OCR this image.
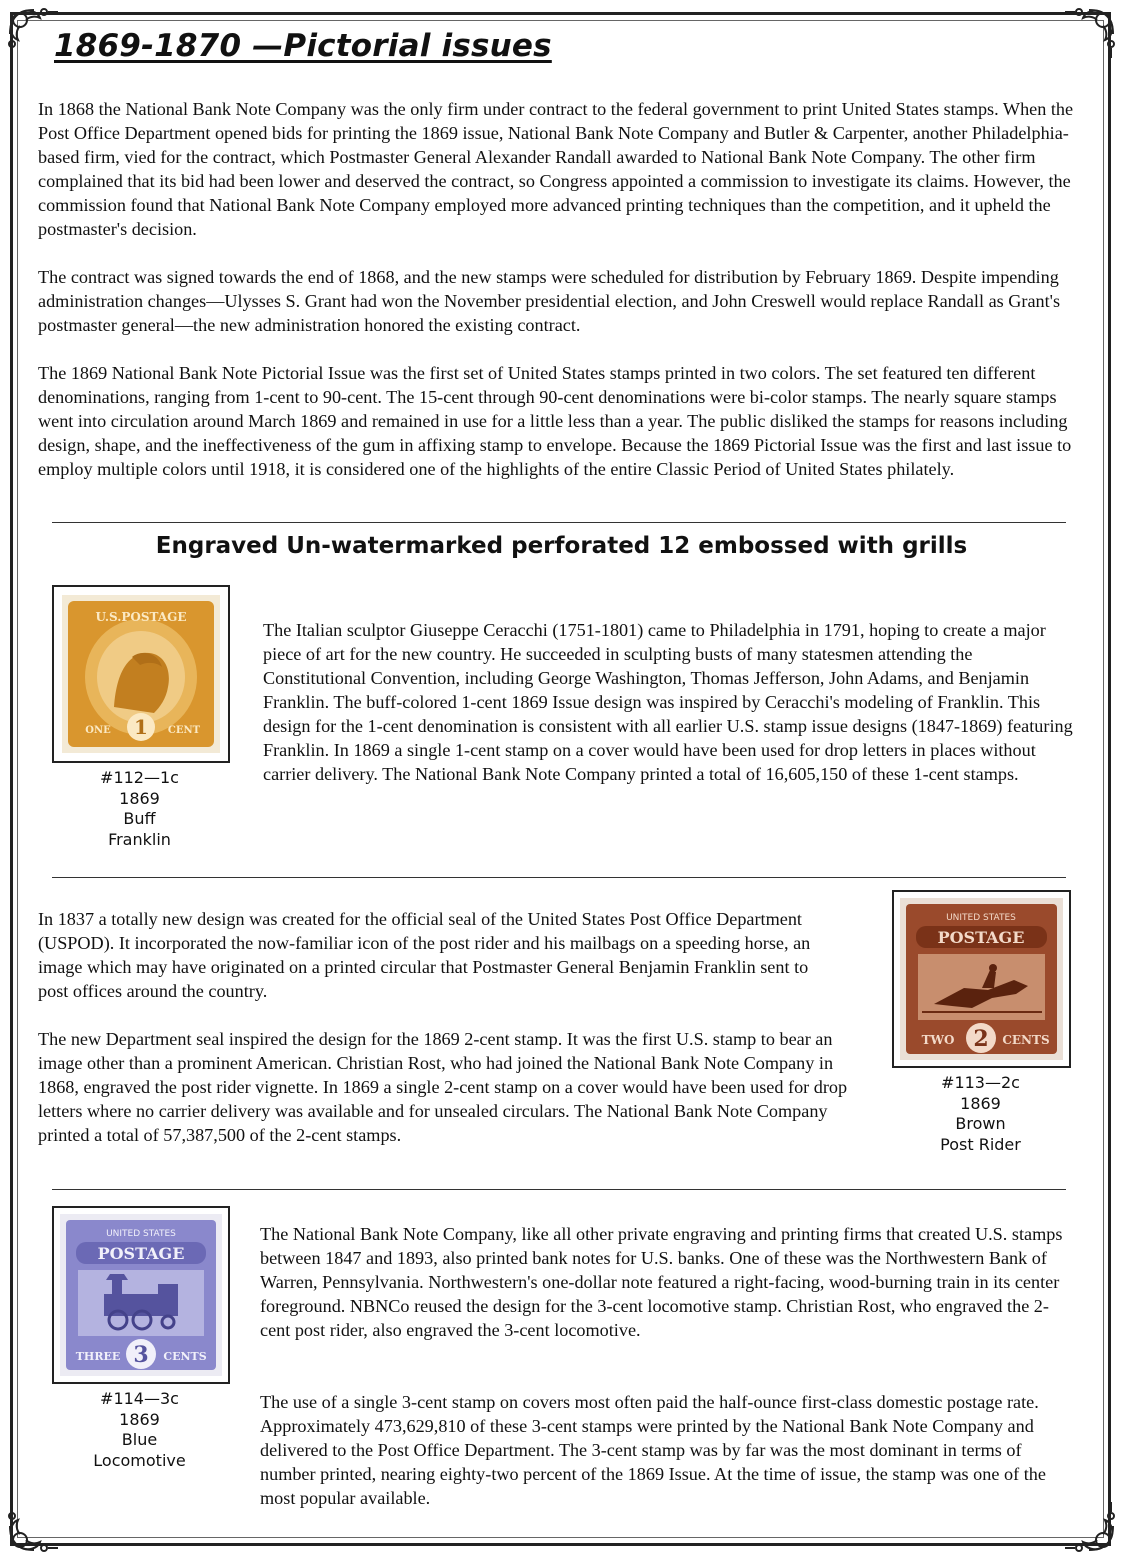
1869-1870 —Pictorial issues

In 1868 the National Bank Note Company was the only firm under contract to the federal government to print United States stamps. When the Post Office Department opened bids for printing the 1869 issue, National Bank Note Company and Butler & Carpenter, another Philadelphia-based firm, vied for the contract, which Postmaster General Alexander Randall awarded to National Bank Note Company. The other firm complained that its bid had been lower and deserved the contract, so Congress appointed a commission to investigate its claims. However, the commission found that National Bank Note Company employed more advanced printing techniques than the competition, and it upheld the postmaster's decision.

The contract was signed towards the end of 1868, and the new stamps were scheduled for distribution by February 1869. Despite impending administration changes—Ulysses S. Grant had won the November presidential election, and John Creswell would replace Randall as Grant's postmaster general—the new administration honored the existing contract.

The 1869 National Bank Note Pictorial Issue was the first set of United States stamps printed in two colors. The set featured ten different denominations, ranging from 1-cent to 90-cent. The 15-cent through 90-cent denominations were bi-color stamps. The nearly square stamps went into circulation around March 1869 and remained in use for a little less than a year. The public disliked the stamps for reasons including design, shape, and the ineffectiveness of the gum in affixing stamp to envelope. Because the 1869 Pictorial Issue was the first and last issue to employ multiple colors until 1918, it is considered one of the highlights of the entire Classic Period of United States philately.

Engraved Un-watermarked perforated 12 embossed with grills
U.S.POSTAGE
1
ONE	CENT
#112—1c
1869
Buff
Franklin

The Italian sculptor Giuseppe Ceracchi (1751-1801) came to Philadelphia in 1791, hoping to create a major piece of art for the new country. He succeeded in sculpting busts of many statesmen attending the Constitutional Convention, including George Washington, Thomas Jefferson, John Adams, and Benjamin Franklin. The buff-colored 1-cent 1869 Issue design was inspired by Ceracchi's modeling of Franklin. This design for the 1-cent denomination is consistent with all earlier U.S. stamp issue designs (1847-1869) featuring Franklin. In 1869 a single 1-cent stamp on a cover would have been used for drop letters in places without carrier delivery. The National Bank Note Company printed a total of 16,605,150 of these 1-cent stamps.

In 1837 a totally new design was created for the official seal of the United States Post Office Department (USPOD). It incorporated the now-familiar icon of the post rider and his mailbags on a speeding horse, an image which may have originated on a printed circular that Postmaster General Benjamin Franklin sent to post offices around the country.

The new Department seal inspired the design for the 1869 2-cent stamp. It was the first U.S. stamp to bear an image other than a prominent American. Christian Rost, who had joined the National Bank Note Company in 1868, engraved the post rider vignette. In 1869 a single 2-cent stamp on a cover would have been used for drop letters where no carrier delivery was available and for unsealed circulars. The National Bank Note Company printed a total of 57,387,500 of the 2-cent stamps.

UNITED STATES
POSTAGE
TWO 2 CENTS
#113—2c
1869
Brown
Post Rider
UNITED STATES
POSTAGE
THREE 3 CENTS
#114—3c
1869
Blue
Locomotive

The National Bank Note Company, like all other private engraving and printing firms that created U.S. stamps between 1847 and 1893, also printed bank notes for U.S. banks. One of these was the Northwestern Bank of Warren, Pennsylvania. Northwestern's one-dollar note featured a right-facing, wood-burning train in its center foreground. NBNCo reused the design for the 3-cent locomotive stamp. Christian Rost, who engraved the 2-cent post rider, also engraved the 3-cent locomotive.

The use of a single 3-cent stamp on covers most often paid the half-ounce first-class domestic postage rate. Approximately 473,629,810 of these 3-cent stamps were printed by the National Bank Note Company and delivered to the Post Office Department. The 3-cent stamp was by far was the most dominant in terms of number printed, nearing eighty-two percent of the 1869 Issue. At the time of issue, the stamp was one of the most popular available.
